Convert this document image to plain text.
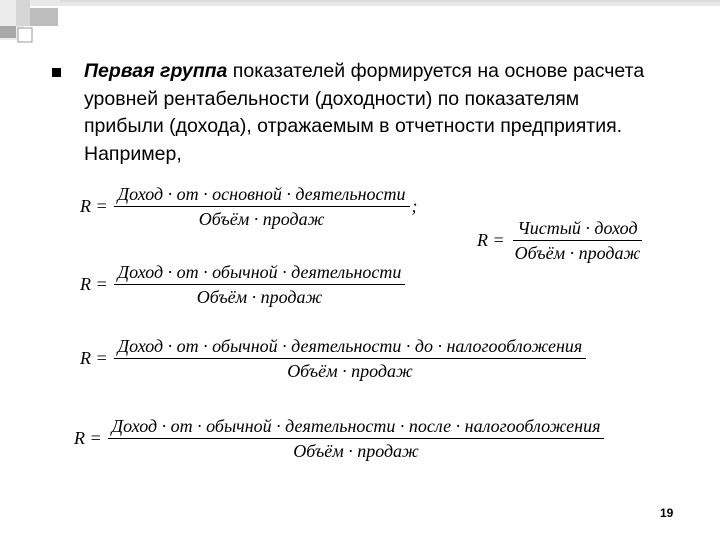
Первая группа показателей формируется на основе расчета уровней рентабельности (доходности) по показателям прибыли (дохода), отражаемым в отчетности предприятия. Например,
$R = \frac{\text{Доход · от · основной · деятельности}}{\text{Объём · продаж}}$ ;
$R = \frac{\text{Чистый · доход}}{\text{Объём · продаж}}$
$R = \frac{\text{Доход · от · обычной · деятельности}}{\text{Объём · продаж}}$
$R = \frac{\text{Доход · от · обычной · деятельности · до · налогообложения}}{\text{Объём · продаж}}$
R =
Доход · от · обычной · деятельности · после · налогообложения
Объём · продаж
19
